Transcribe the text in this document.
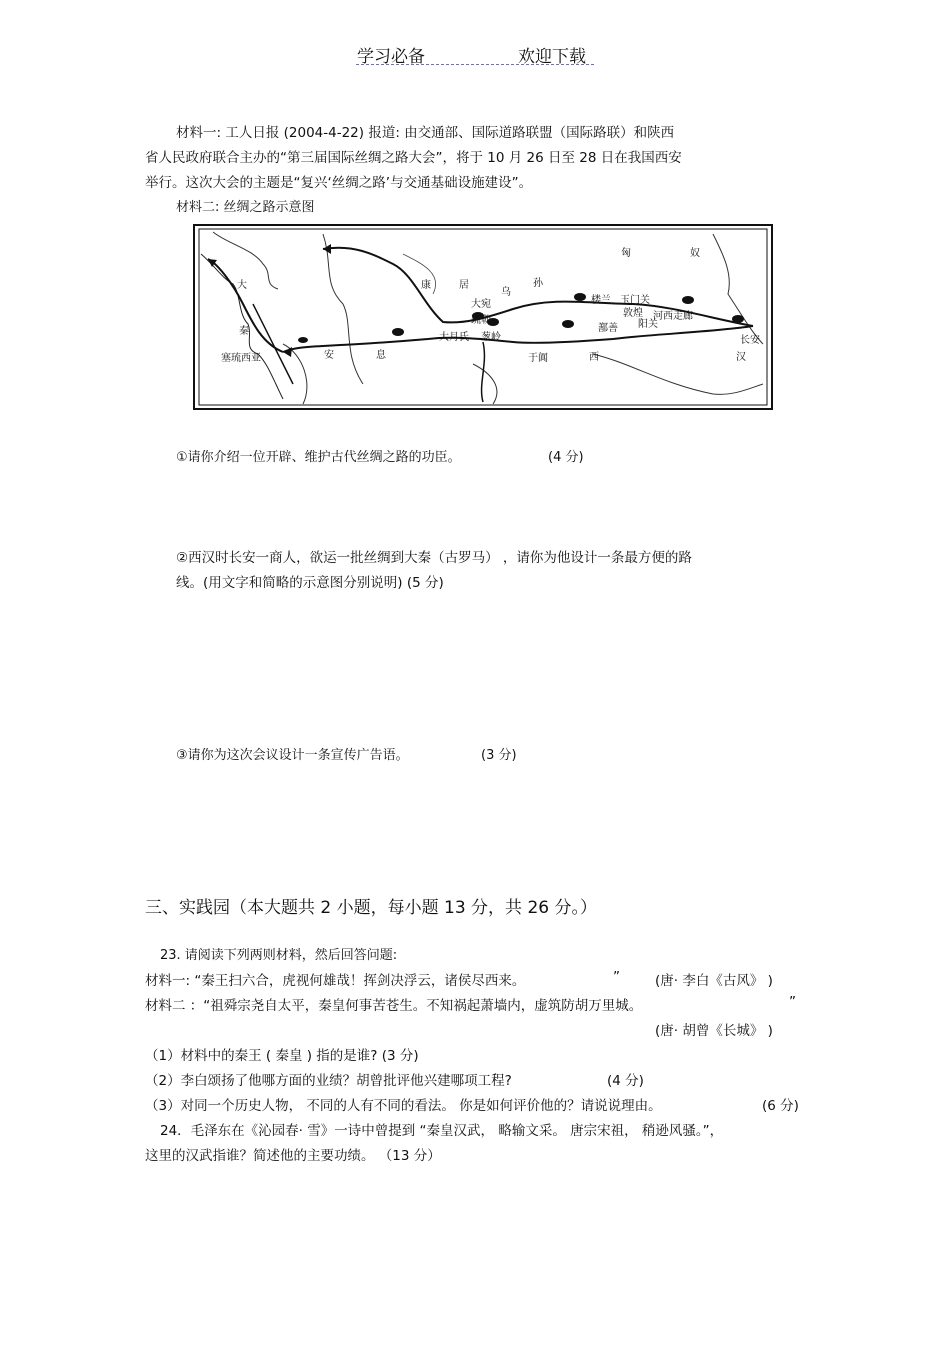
学习必备	欢迎下载
材料一: 工人日报 (2004-4-22) 报道: 由交通部、国际道路联盟（国际路联）和陕西
省人民政府联合主办的“第三届国际丝绸之路大会”，将于 10 月 26 日至 28 日在我国西安
举行。这次大会的主题是“复兴‘丝绸之路’与交通基础设施建设”。
材料二: 丝绸之路示意图
匈	奴
大
秦
康	居
乌
孙
大宛
疏勒
楼兰 玉门关
敦煌 河西走廊
鄯善 阳关
安	息
大月氏 葱岭
于阗	西	汉
长安
塞琉西亚
①请你介绍一位开辟、维护古代丝绸之路的功臣。	(4 分)
②西汉时长安一商人，欲运一批丝绸到大秦（古罗马） ，请你为他设计一条最方便的路
线。(用文字和简略的示意图分别说明) (5 分)
③请你为这次会议设计一条宣传广告语。	(3 分)
三、实践园（本大题共 2 小题，每小题 13 分，共 26 分。）
23. 请阅读下列两则材料，然后回答问题:
材料一: “秦王扫六合，虎视何雄哉！挥剑决浮云，诸侯尽西来。	”	(唐· 李白《古风》 )
材料二 ：“祖舜宗尧自太平，秦皇何事苦苍生。不知祸起萧墙内，虚筑防胡万里城。	”
(唐· 胡曾《长城》 )
（1）材料中的秦王 ( 秦皇 ) 指的是谁? (3 分)
（2）李白颂扬了他哪方面的业绩？胡曾批评他兴建哪项工程?	(4 分)
（3）对同一个历史人物， 不同的人有不同的看法。 你是如何评价他的？请说说理由。	(6 分)
24．毛泽东在《沁园春· 雪》一诗中曾提到 “秦皇汉武， 略输文采。 唐宗宋祖， 稍逊风骚。”，
这里的汉武指谁？简述他的主要功绩。 （13 分）
